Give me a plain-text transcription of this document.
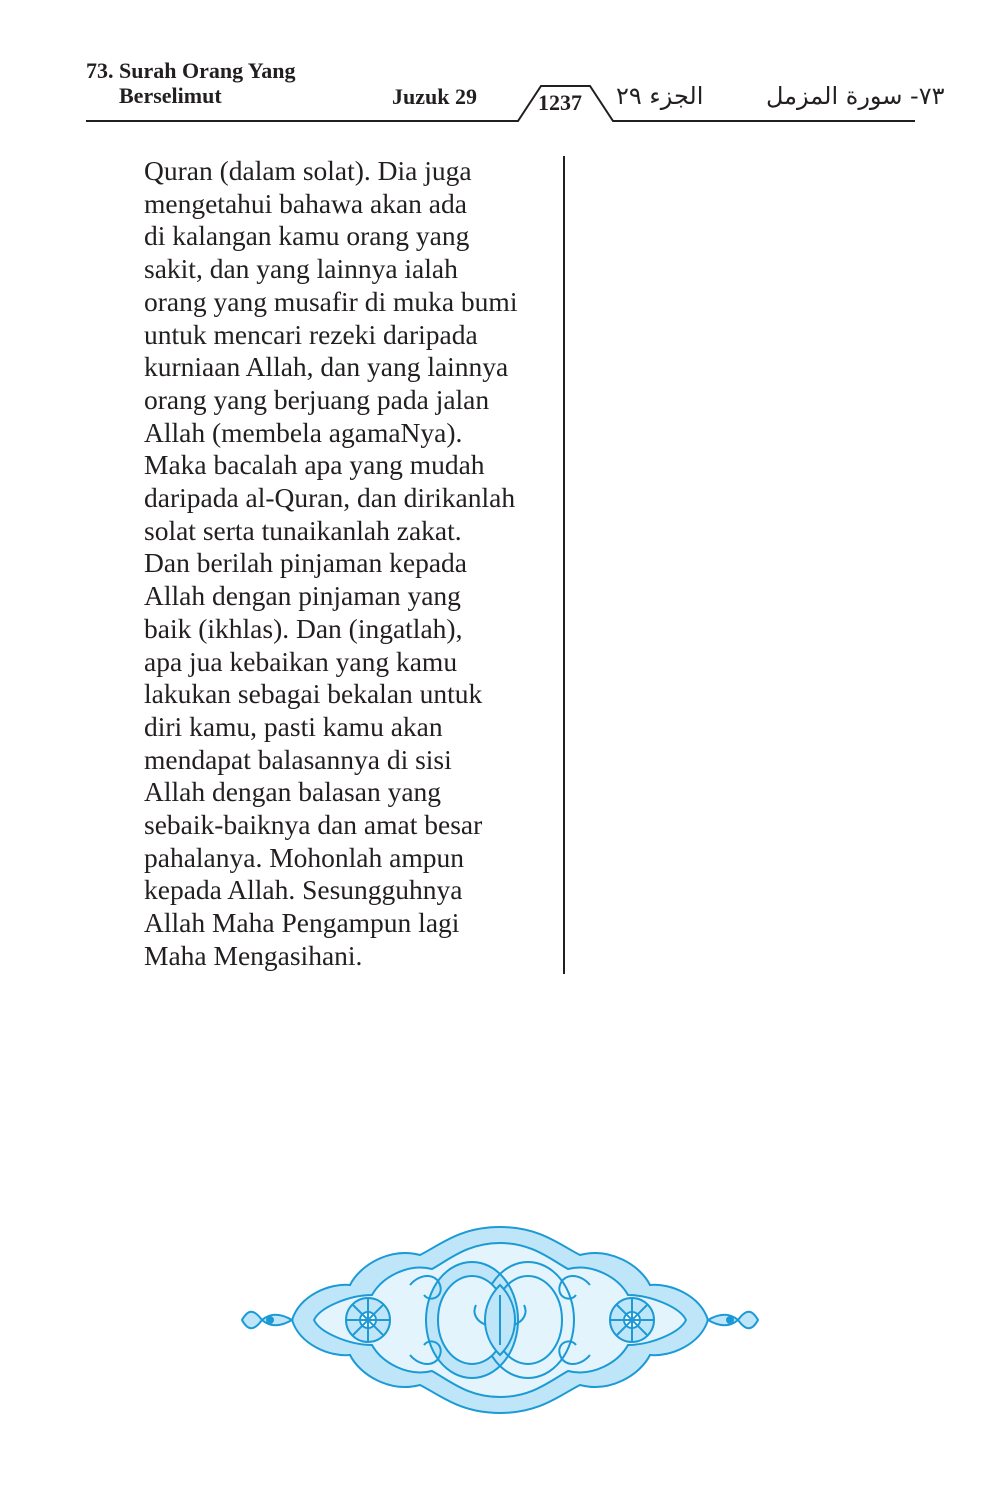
73. Surah Orang Yang
Berselimut	Juzuk 29	1237 الجزء ٢٩	٧٣- سورة المزمل
Quran (dalam solat). Dia juga
mengetahui bahawa akan ada
di kalangan kamu orang yang
sakit, dan yang lainnya ialah
orang yang musafir di muka bumi
untuk mencari rezeki daripada
kurniaan Allah, dan yang lainnya
orang yang berjuang pada jalan
Allah (membela agamaNya).
Maka bacalah apa yang mudah
daripada al-Quran, dan dirikanlah
solat serta tunaikanlah zakat.
Dan berilah pinjaman kepada
Allah dengan pinjaman yang
baik (ikhlas). Dan (ingatlah),
apa jua kebaikan yang kamu
lakukan sebagai bekalan untuk
diri kamu, pasti kamu akan
mendapat balasannya di sisi
Allah dengan balasan yang
sebaik-baiknya dan amat besar
pahalanya. Mohonlah ampun
kepada Allah. Sesungguhnya
Allah Maha Pengampun lagi
Maha Mengasihani.
